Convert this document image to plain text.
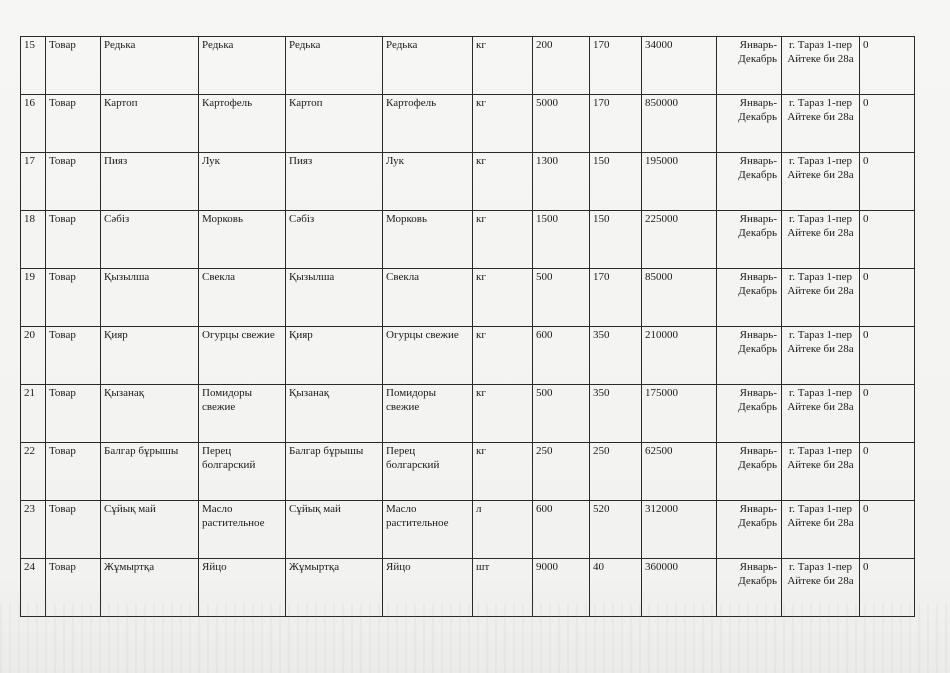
15	Товар	Редька	Редька	Редька	Редька	кг	200	170	34000	Январь-Декабрь	г. Тараз 1-пер Айтеке би 28а	0
16	Товар	Картоп	Картофель	Картоп	Картофель	кг	5000	170	850000	Январь-Декабрь	г. Тараз 1-пер Айтеке би 28а	0
17	Товар	Пияз	Лук	Пияз	Лук	кг	1300	150	195000	Январь-Декабрь	г. Тараз 1-пер Айтеке би 28а	0
18	Товар	Сәбіз	Морковь	Сәбіз	Морковь	кг	1500	150	225000	Январь-Декабрь	г. Тараз 1-пер Айтеке би 28а	0
19	Товар	Қызылша	Свекла	Қызылша	Свекла	кг	500	170	85000	Январь-Декабрь	г. Тараз 1-пер Айтеке би 28а	0
20	Товар	Қияр	Огурцы свежие	Қияр	Огурцы свежие	кг	600	350	210000	Январь-Декабрь	г. Тараз 1-пер Айтеке би 28а	0
21	Товар	Қызанақ	Помидоры свежие	Қызанақ	Помидоры свежие	кг	500	350	175000	Январь-Декабрь	г. Тараз 1-пер Айтеке би 28а	0
22	Товар	Балгар бұрышы	Перец болгарский	Балгар бұрышы	Перец болгарский	кг	250	250	62500	Январь-Декабрь	г. Тараз 1-пер Айтеке би 28а	0
23	Товар	Сұйық май	Масло растительное	Сұйық май	Масло растительное	л	600	520	312000	Январь-Декабрь	г. Тараз 1-пер Айтеке би 28а	0
24	Товар	Жұмыртқа	Яйцо	Жұмыртқа	Яйцо	шт	9000	40	360000	Январь-Декабрь	г. Тараз 1-пер Айтеке би 28а	0
